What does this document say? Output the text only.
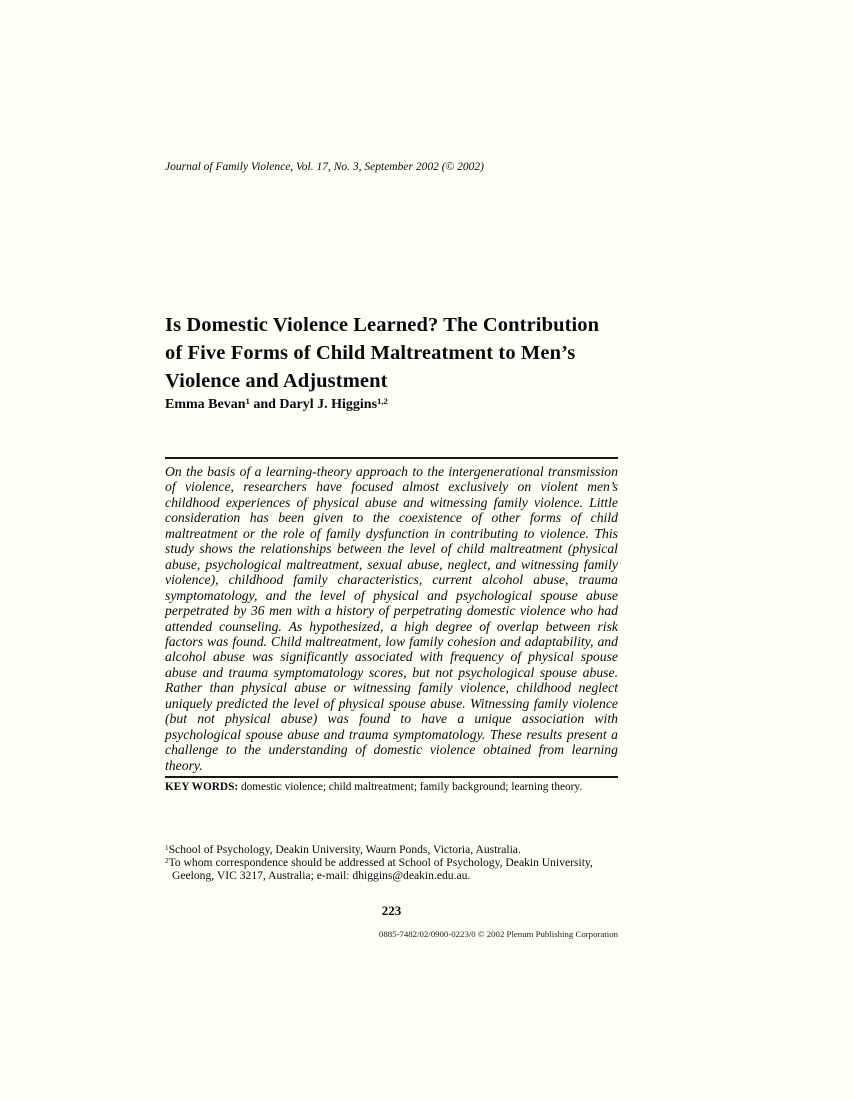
Journal of Family Violence, Vol. 17, No. 3, September 2002 (© 2002)
Is Domestic Violence Learned? The Contribution
of Five Forms of Child Maltreatment to Men’s
Violence and Adjustment
Emma Bevan$^1$ and Daryl J. Higgins$^{1,2}$
On the basis of a learning-theory approach to the intergenerational transmission of violence, researchers have focused almost exclusively on violent men’s childhood experiences of physical abuse and witnessing family violence. Little consideration has been given to the coexistence of other forms of child maltreatment or the role of family dysfunction in contributing to violence. This study shows the relationships between the level of child maltreatment (physical abuse, psychological maltreatment, sexual abuse, neglect, and witnessing family violence), childhood family characteristics, current alcohol abuse, trauma symptomatology, and the level of physical and psychological spouse abuse perpetrated by 36 men with a history of perpetrating domestic violence who had attended counseling. As hypothesized, a high degree of overlap between risk factors was found. Child maltreatment, low family cohesion and adaptability, and alcohol abuse was significantly associated with frequency of physical spouse abuse and trauma symptomatology scores, but not psychological spouse abuse. Rather than physical abuse or witnessing family violence, childhood neglect uniquely predicted the level of physical spouse abuse. Witnessing family violence (but not physical abuse) was found to have a unique association with psychological spouse abuse and trauma symptomatology. These results present a challenge to the understanding of domestic violence obtained from learning theory.
KEY WORDS: domestic violence; child maltreatment; family background; learning theory.
$^1$School of Psychology, Deakin University, Waurn Ponds, Victoria, Australia.
$^2$To whom correspondence should be addressed at School of Psychology, Deakin University, Geelong, VIC 3217, Australia; e-mail: dhiggins@deakin.edu.au.
223
0885-7482/02/0900-0223/0 © 2002 Plenum Publishing Corporation
